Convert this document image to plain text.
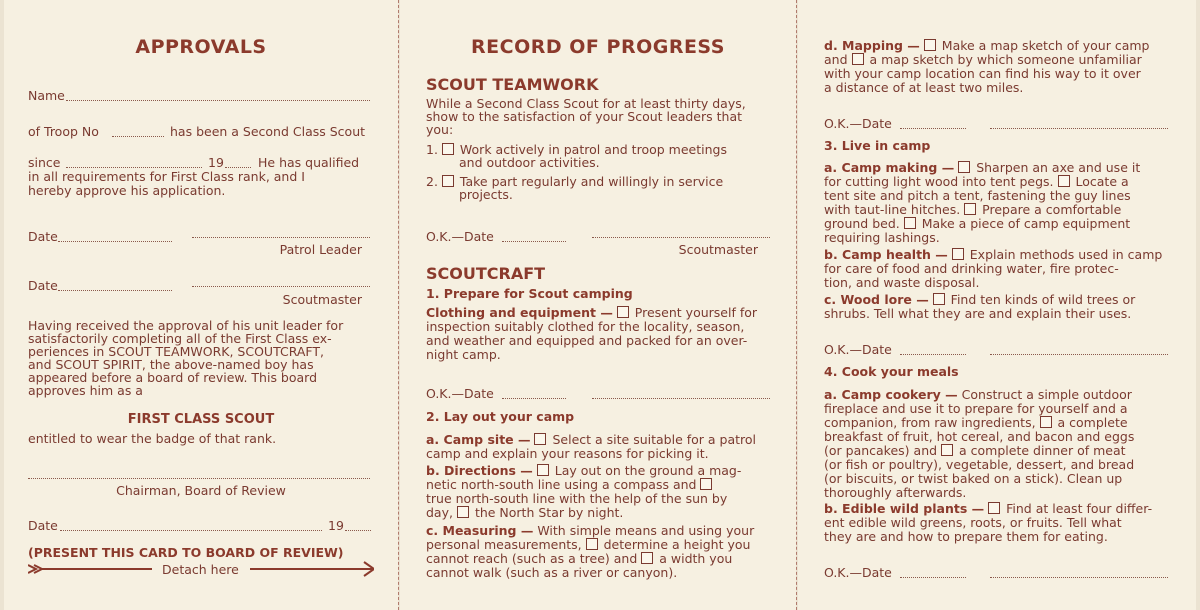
APPROVALS
Name
of Troop No	has been a Second Class Scout
since	19	He has qualified
in all requirements for First Class rank, and I
hereby approve his application.
Date
Patrol Leader
Date
Scoutmaster
Having received the approval of his unit leader for
satisfactorily completing all of the First Class ex-
periences in SCOUT TEAMWORK, SCOUTCRAFT,
and SCOUT SPIRIT, the above-named boy has
appeared before a board of review. This board
approves him as a
FIRST CLASS SCOUT
entitled to wear the badge of that rank.
Chairman, Board of Review
Date	19
(PRESENT THIS CARD TO BOARD OF REVIEW)
Detach here
RECORD OF PROGRESS
SCOUT TEAMWORK
While a Second Class Scout for at least thirty days,
show to the satisfaction of your Scout leaders that
you:
1. Work actively in patrol and troop meetings
and outdoor activities.
2. Take part regularly and willingly in service
projects.
O.K.—Date
Scoutmaster
SCOUTCRAFT
1. Prepare for Scout camping
Clothing and equipment — Present yourself for
inspection suitably clothed for the locality, season,
and weather and equipped and packed for an over-
night camp.
O.K.—Date
2. Lay out your camp
a. Camp site — Select a site suitable for a patrol
camp and explain your reasons for picking it.
b. Directions — Lay out on the ground a mag-
netic north-south line using a compass and
true north-south line with the help of the sun by
day, the North Star by night.
c. Measuring — With simple means and using your
personal measurements, determine a height you
cannot reach (such as a tree) and a width you
cannot walk (such as a river or canyon).
d. Mapping — Make a map sketch of your camp
and a map sketch by which someone unfamiliar
with your camp location can find his way to it over
a distance of at least two miles.
O.K.—Date
3. Live in camp
a. Camp making — Sharpen an axe and use it
for cutting light wood into tent pegs. Locate a
tent site and pitch a tent, fastening the guy lines
with taut-line hitches. Prepare a comfortable
ground bed. Make a piece of camp equipment
requiring lashings.
b. Camp health — Explain methods used in camp
for care of food and drinking water, fire protec-
tion, and waste disposal.
c. Wood lore — Find ten kinds of wild trees or
shrubs. Tell what they are and explain their uses.
O.K.—Date
4. Cook your meals
a. Camp cookery — Construct a simple outdoor
fireplace and use it to prepare for yourself and a
companion, from raw ingredients, a complete
breakfast of fruit, hot cereal, and bacon and eggs
(or pancakes) and a complete dinner of meat
(or fish or poultry), vegetable, dessert, and bread
(or biscuits, or twist baked on a stick). Clean up
thoroughly afterwards.
b. Edible wild plants — Find at least four differ-
ent edible wild greens, roots, or fruits. Tell what
they are and how to prepare them for eating.
O.K.—Date
